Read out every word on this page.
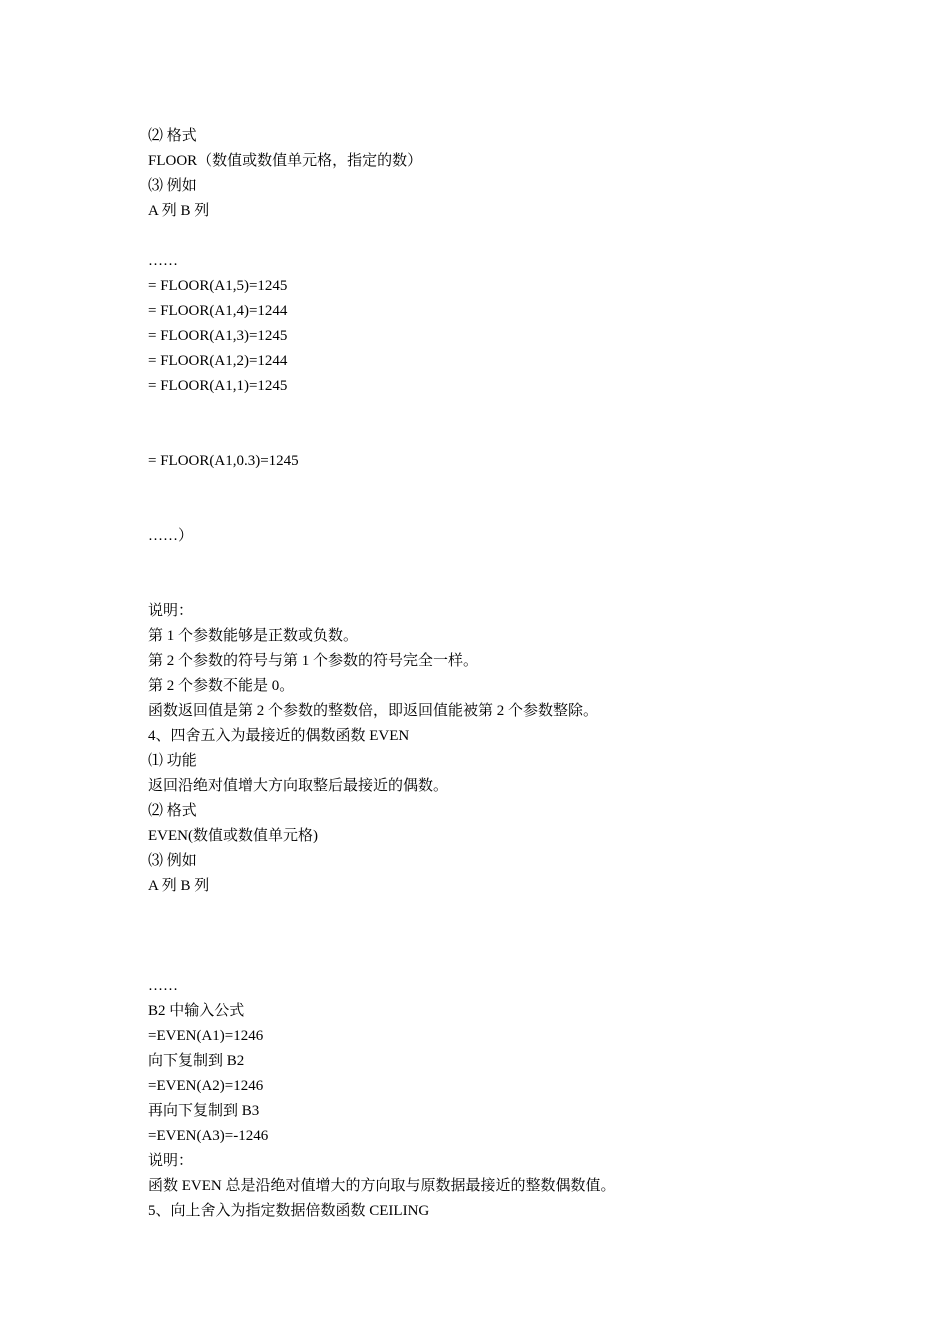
⑵ 格式
FLOOR（数值或数值单元格，指定的数）
⑶ 例如
A 列 B 列
……
= FLOOR(A1,5)=1245
= FLOOR(A1,4)=1244
= FLOOR(A1,3)=1245
= FLOOR(A1,2)=1244
= FLOOR(A1,1)=1245
= FLOOR(A1,0.3)=1245
……）
说明：
第 1 个参数能够是正数或负数。
第 2 个参数的符号与第 1 个参数的符号完全一样。
第 2 个参数不能是 0。
函数返回值是第 2 个参数的整数倍，即返回值能被第 2 个参数整除。
4、四舍五入为最接近的偶数函数 EVEN
⑴ 功能
返回沿绝对值增大方向取整后最接近的偶数。
⑵ 格式
EVEN(数值或数值单元格)
⑶ 例如
A 列 B 列
……
B2 中输入公式
=EVEN(A1)=1246
向下复制到 B2
=EVEN(A2)=1246
再向下复制到 B3
=EVEN(A3)=-1246
说明：
函数 EVEN 总是沿绝对值增大的方向取与原数据最接近的整数偶数值。
5、向上舍入为指定数据倍数函数 CEILING
